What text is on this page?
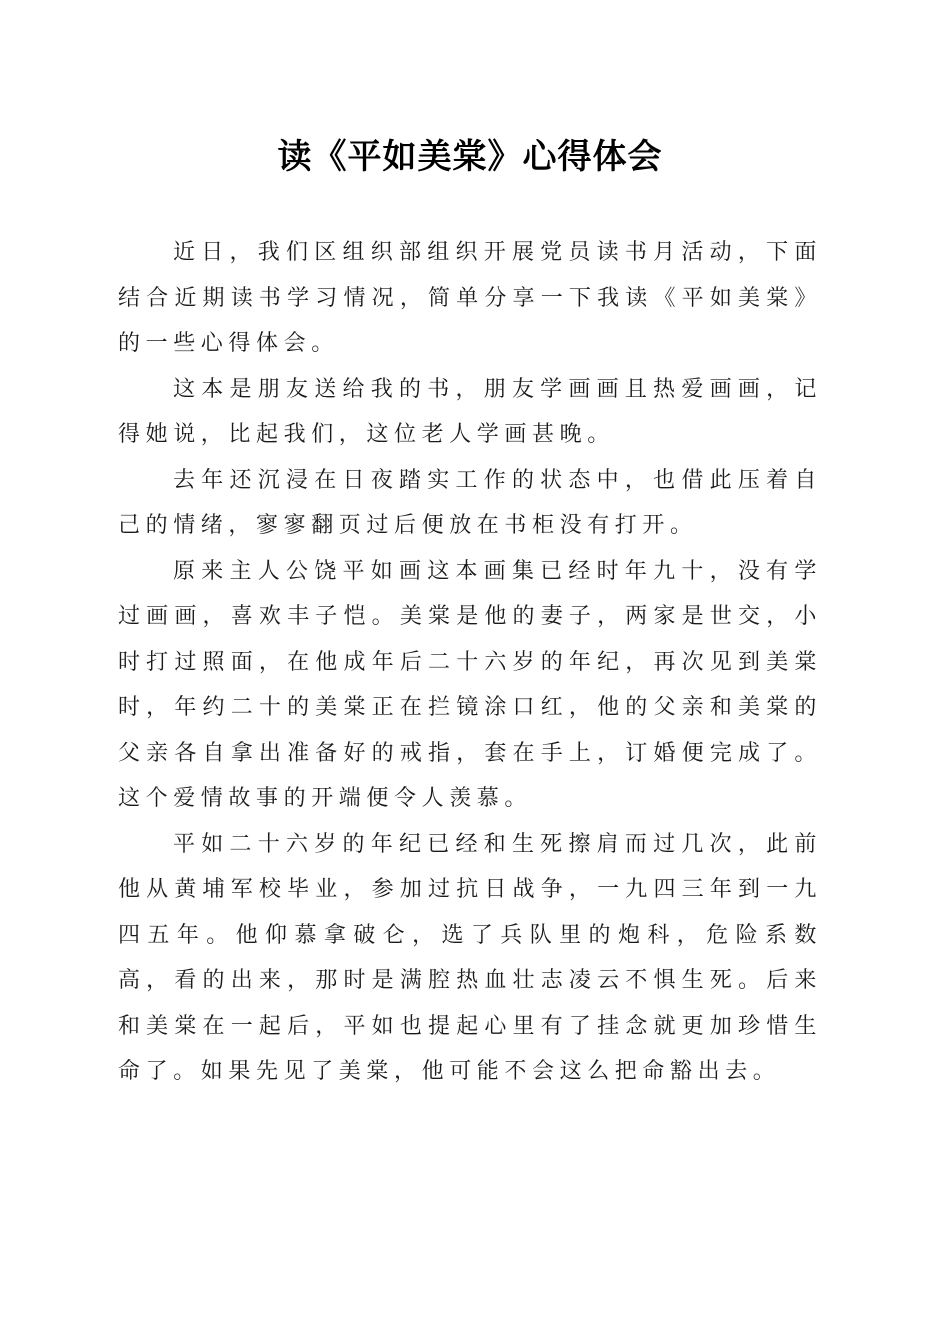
读《平如美棠》心得体会

近日，我们区组织部组织开展党员读书月活动，下面结合近期读书学习情况，简单分享一下我读《平如美棠》的一些心得体会。

这本是朋友送给我的书，朋友学画画且热爱画画，记得她说，比起我们，这位老人学画甚晚。

去年还沉浸在日夜踏实工作的状态中，也借此压着自己的情绪，寥寥翻页过后便放在书柜没有打开。

原来主人公饶平如画这本画集已经时年九十，没有学过画画，喜欢丰子恺。美棠是他的妻子，两家是世交，小时打过照面，在他成年后二十六岁的年纪，再次见到美棠时，年约二十的美棠正在拦镜涂口红，他的父亲和美棠的父亲各自拿出准备好的戒指，套在手上，订婚便完成了。这个爱情故事的开端便令人羡慕。

平如二十六岁的年纪已经和生死擦肩而过几次，此前他从黄埔军校毕业，参加过抗日战争，一九四三年到一九四五年。他仰慕拿破仑，选了兵队里的炮科，危险系数高，看的出来，那时是满腔热血壮志凌云不惧生死。后来和美棠在一起后，平如也提起心里有了挂念就更加珍惜生命了。如果先见了美棠，他可能不会这么把命豁出去。
